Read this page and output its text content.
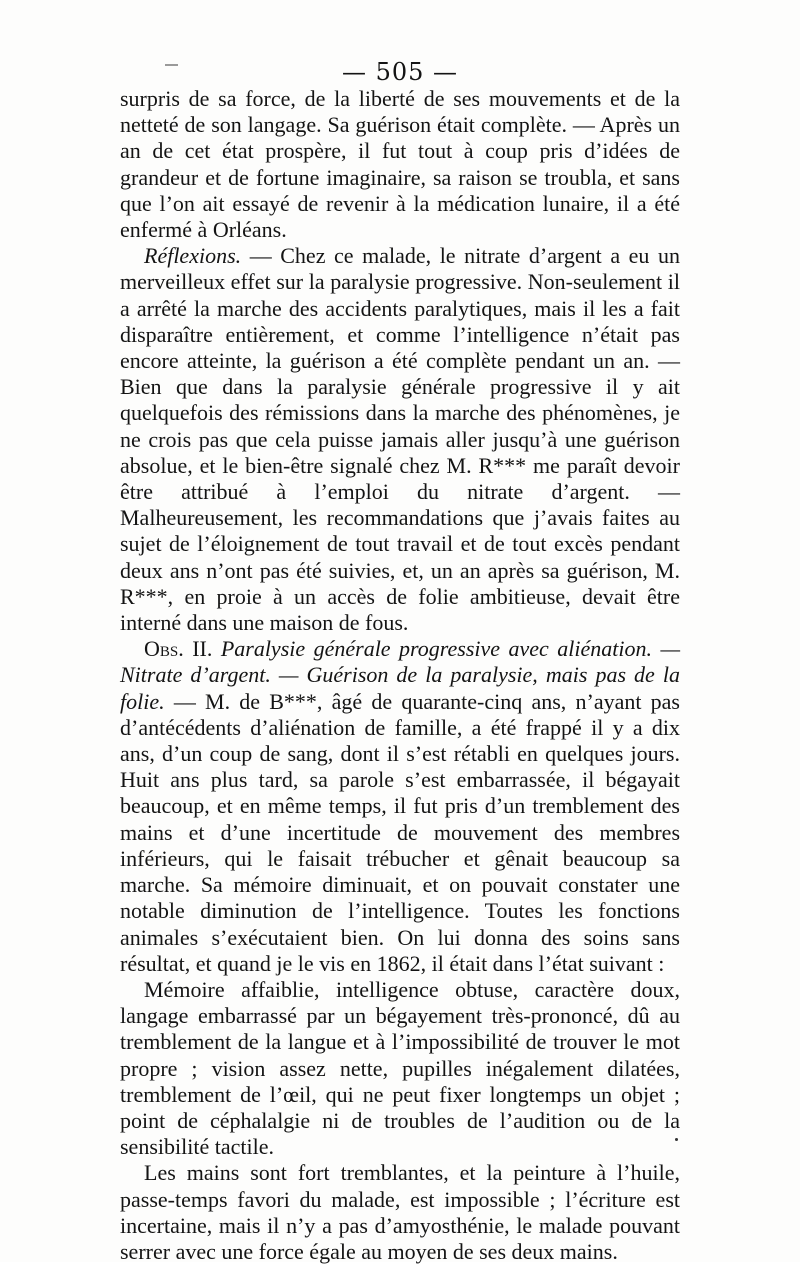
— 505 —

surpris de sa force, de la liberté de ses mouvements et de la netteté de son langage. Sa guérison était complète. — Après un an de cet état prospère, il fut tout à coup pris d’idées de grandeur et de fortune imaginaire, sa raison se troubla, et sans que l’on ait essayé de revenir à la médication lunaire, il a été enfermé à Orléans.

Réflexions. — Chez ce malade, le nitrate d’argent a eu un merveilleux effet sur la paralysie progressive. Non-seulement il a arrêté la marche des accidents paralytiques, mais il les a fait disparaître entièrement, et comme l’intelligence n’était pas encore atteinte, la guérison a été complète pendant un an. — Bien que dans la paralysie générale progressive il y ait quelquefois des rémissions dans la marche des phénomènes, je ne crois pas que cela puisse jamais aller jusqu’à une guérison absolue, et le bien-être signalé chez M. R*** me paraît devoir être attribué à l’emploi du nitrate d’argent. — Malheureusement, les recommandations que j’avais faites au sujet de l’éloignement de tout travail et de tout excès pendant deux ans n’ont pas été suivies, et, un an après sa guérison, M. R***, en proie à un accès de folie ambitieuse, devait être interné dans une maison de fous.

Obs. II. Paralysie générale progressive avec aliénation. — Nitrate d’argent. — Guérison de la paralysie, mais pas de la folie. — M. de B***, âgé de quarante-cinq ans, n’ayant pas d’antécédents d’aliénation de famille, a été frappé il y a dix ans, d’un coup de sang, dont il s’est rétabli en quelques jours. Huit ans plus tard, sa parole s’est embarrassée, il bégayait beaucoup, et en même temps, il fut pris d’un tremblement des mains et d’une incertitude de mouvement des membres inférieurs, qui le faisait trébucher et gênait beaucoup sa marche. Sa mémoire diminuait, et on pouvait constater une notable diminution de l’intelligence. Toutes les fonctions animales s’exécutaient bien. On lui donna des soins sans résultat, et quand je le vis en 1862, il était dans l’état suivant :

Mémoire affaiblie, intelligence obtuse, caractère doux, langage embarrassé par un bégayement très-prononcé, dû au tremblement de la langue et à l’impossibilité de trouver le mot propre ; vision assez nette, pupilles inégalement dilatées, tremblement de l’œil, qui ne peut fixer longtemps un objet ; point de céphalalgie ni de troubles de l’audition ou de la sensibilité tactile.

Les mains sont fort tremblantes, et la peinture à l’huile, passe-temps favori du malade, est impossible ; l’écriture est incertaine, mais il n’y a pas d’amyosthénie, le malade pouvant serrer avec une force égale au moyen de ses deux mains.
